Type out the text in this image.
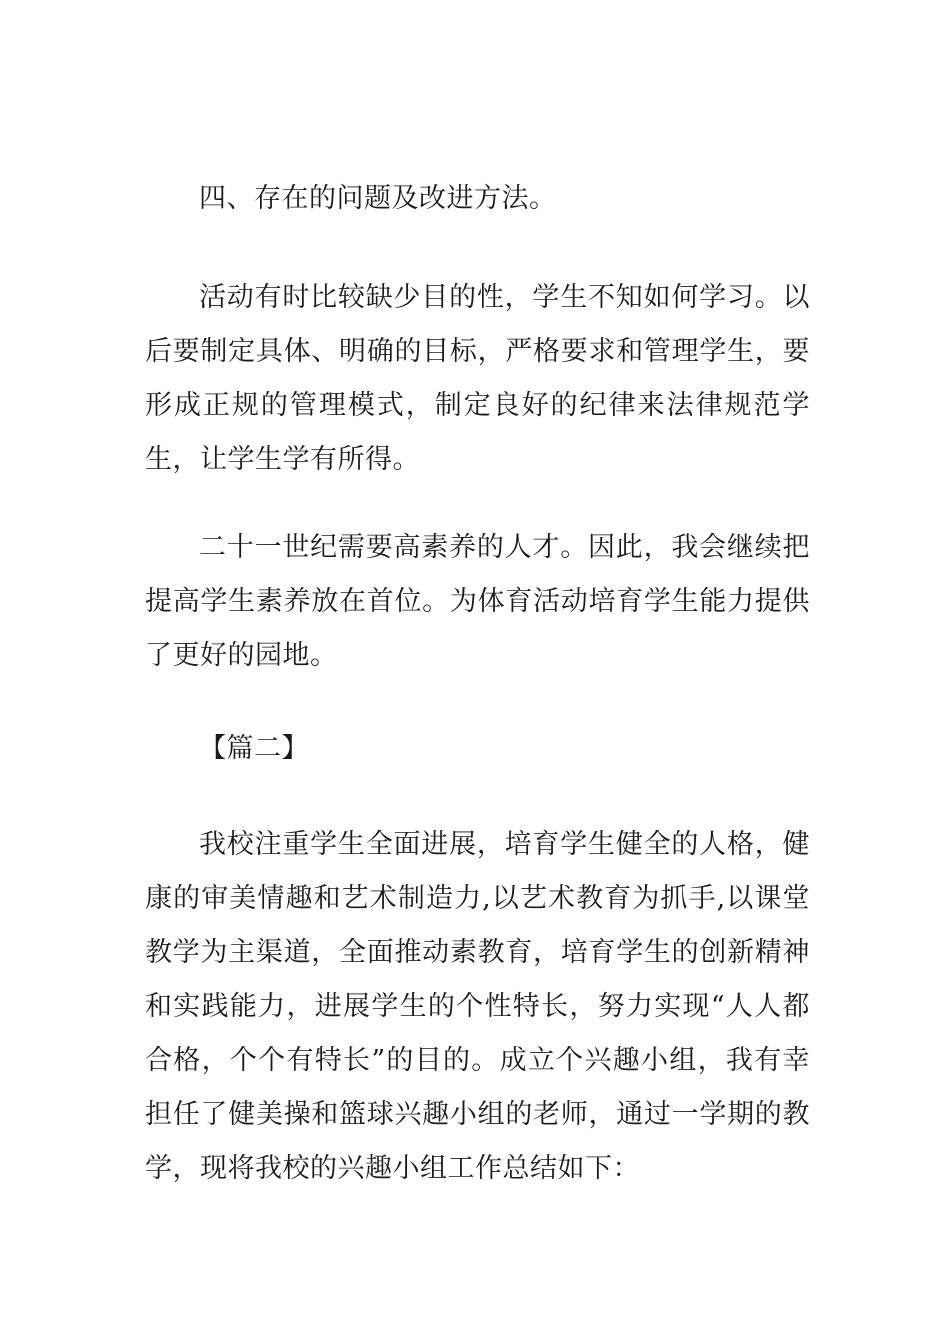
四、存在的问题及改进方法。

活动有时比较缺少目的性，学生不知如何学习。以后要制定具体、明确的目标，严格要求和管理学生，要形成正规的管理模式，制定良好的纪律来法律规范学生，让学生学有所得。

二十一世纪需要高素养的人才。因此，我会继续把提高学生素养放在首位。为体育活动培育学生能力提供了更好的园地。

【篇二】

我校注重学生全面进展，培育学生健全的人格，健康的审美情趣和艺术制造力,以艺术教育为抓手,以课堂教学为主渠道，全面推动素教育，培育学生的创新精神和实践能力，进展学生的个性特长，努力实现“人人都合格，个个有特长”的目的。成立个兴趣小组，我有幸担任了健美操和篮球兴趣小组的老师，通过一学期的教学，现将我校的兴趣小组工作总结如下：
